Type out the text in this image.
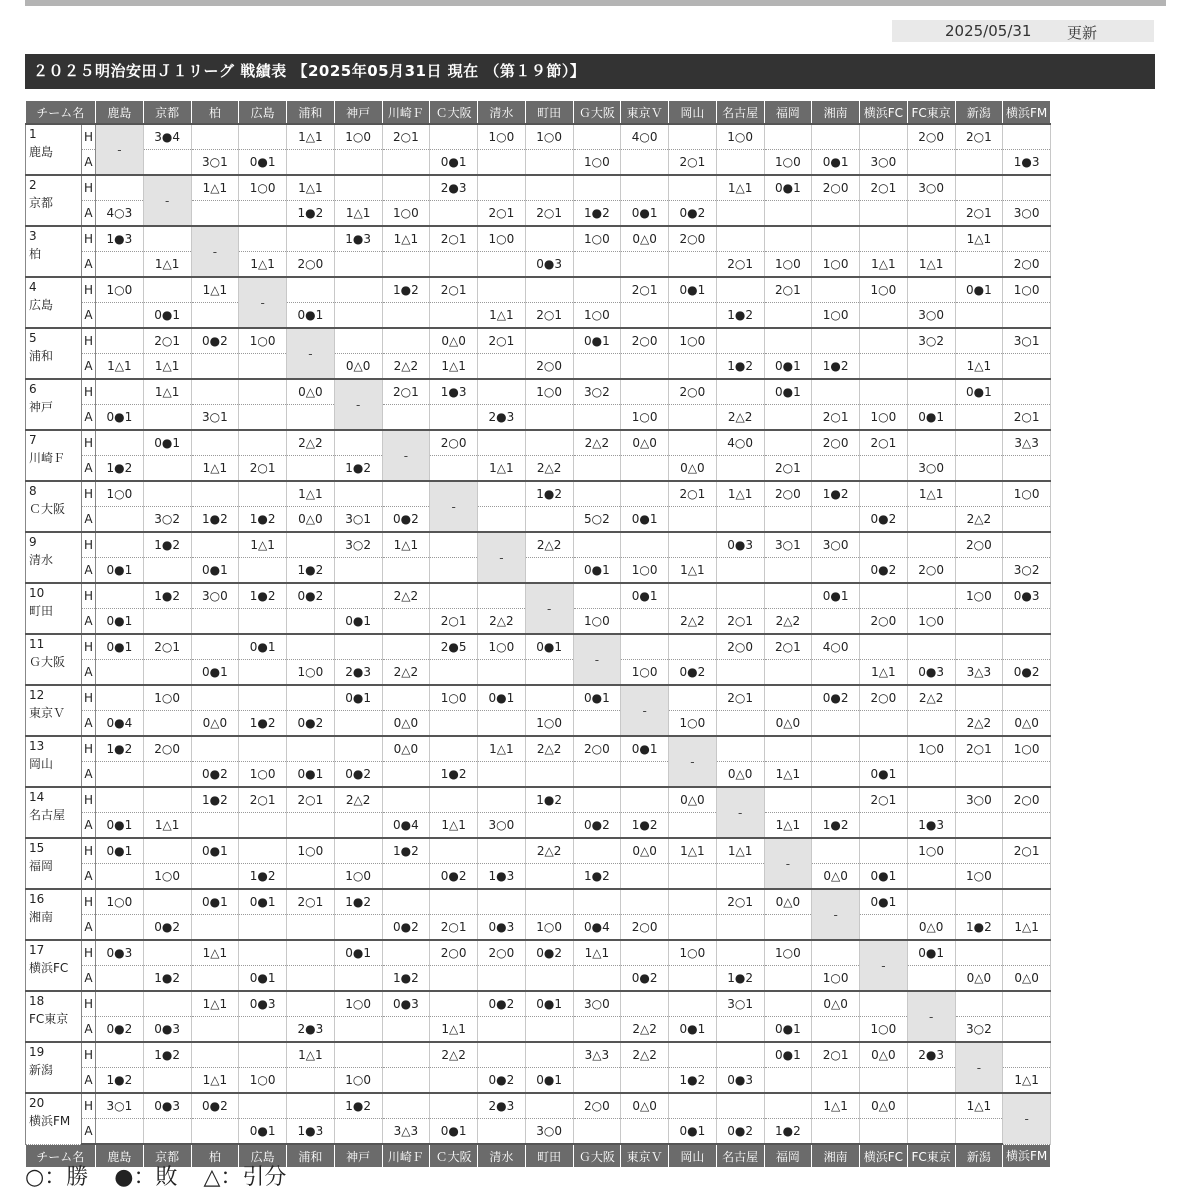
2025/05/31 更新
２０２５明治安田Ｊ１リーグ 戦績表 【2025年05月31日 現在 （第１９節）】
チーム名		鹿島	京都	柏	広島	浦和	神戸	川崎Ｆ	Ｃ大阪	清水	町田	Ｇ大阪	東京Ｖ	岡山	名古屋	福岡	湘南	横浜FC	FC東京	新潟	横浜FM

1
鹿島	H	-	3●4			1△1	1○0	2○1		1○0	1○0		4○0		1○0				2○0	2○1	
	A			3○1	0●1				0●1			1○0		2○1		1○0	0●1	3○0			1●3

2
京都	H		-	1△1	1○0	1△1			2●3						1△1	0●1	2○0	2○1	3○0		
	A	4○3				1●2	1△1	1○0		2○1	2○1	1●2	0●1	0●2						2○1	3○0

3
柏	H	1●3		-			1●3	1△1	2○1	1○0		1○0	0△0	2○0						1△1	
	A		1△1		1△1	2○0					0●3				2○1	1○0	1○0	1△1	1△1		2○0

4
広島	H	1○0		1△1	-			1●2	2○1				2○1	0●1		2○1		1○0		0●1	1○0
	A		0●1			0●1				1△1	2○1	1○0			1●2		1○0		3○0		

5
浦和	H		2○1	0●2	1○0	-			0△0	2○1		0●1	2○0	1○0					3○2		3○1
	A	1△1	1△1				0△0	2△2	1△1		2○0				1●2	0●1	1●2			1△1	

6
神戸	H		1△1			0△0	-	2○1	1●3		1○0	3○2		2○0		0●1				0●1	
	A	0●1		3○1						2●3			1○0		2△2		2○1	1○0	0●1		2○1

7
川崎Ｆ	H		0●1			2△2		-	2○0			2△2	0△0		4○0		2○0	2○1			3△3
	A	1●2		1△1	2○1		1●2			1△1	2△2			0△0		2○1			3○0		

8
Ｃ大阪	H	1○0				1△1			-		1●2			2○1	1△1	2○0	1●2		1△1		1○0
	A		3○2	1●2	1●2	0△0	3○1	0●2				5○2	0●1					0●2		2△2	

9
清水	H		1●2		1△1		3○2	1△1		-	2△2				0●3	3○1	3○0			2○0	
	A	0●1		0●1		1●2						0●1	1○0	1△1				0●2	2○0		3○2

10
町田	H		1●2	3○0	1●2	0●2		2△2			-		0●1				0●1			1○0	0●3
	A	0●1					0●1		2○1	2△2		1○0		2△2	2○1	2△2		2○0	1○0		

11
Ｇ大阪	H	0●1	2○1		0●1				2●5	1○0	0●1	-			2○0	2○1	4○0				
	A			0●1		1○0	2●3	2△2					1○0	0●2				1△1	0●3	3△3	0●2

12
東京Ｖ	H		1○0				0●1		1○0	0●1		0●1	-		2○1		0●2	2○0	2△2		
	A	0●4		0△0	1●2	0●2		0△0			1○0			1○0		0△0				2△2	0△0

13
岡山	H	1●2	2○0					0△0		1△1	2△2	2○0	0●1	-					1○0	2○1	1○0
	A			0●2	1○0	0●1	0●2		1●2						0△0	1△1		0●1			

14
名古屋	H			1●2	2○1	2○1	2△2				1●2			0△0	-			2○1		3○0	2○0
	A	0●1	1△1					0●4	1△1	3○0		0●2	1●2			1△1	1●2		1●3		

15
福岡	H	0●1		0●1		1○0		1●2			2△2		0△0	1△1	1△1	-			1○0		2○1
	A		1○0		1●2		1○0		0●2	1●3		1●2					0△0	0●1		1○0	

16
湘南	H	1○0		0●1	0●1	2○1	1●2								2○1	0△0	-	0●1			
	A		0●2					0●2	2○1	0●3	1○0	0●4	2○0						0△0	1●2	1△1

17
横浜FC	H	0●3		1△1			0●1		2○0	2○0	0●2	1△1		1○0		1○0		-	0●1		
	A		1●2		0●1			1●2					0●2		1●2		1○0			0△0	0△0

18
FC東京	H			1△1	0●3		1○0	0●3		0●2	0●1	3○0			3○1		0△0		-		
	A	0●2	0●3			2●3			1△1				2△2	0●1		0●1		1○0		3○2	

19
新潟	H		1●2			1△1			2△2			3△3	2△2			0●1	2○1	0△0	2●3	-	
	A	1●2		1△1	1○0		1○0			0●2	0●1			1●2	0●3						1△1

20
横浜FM	H	3○1	0●3	0●2			1●2			2●3		2○0	0△0				1△1	0△0		1△1	-
	A				0●1	1●3		3△3	0●1		3○0			0●1	0●2	1●2					
チーム名		鹿島	京都	柏	広島	浦和	神戸	川崎Ｆ	Ｃ大阪	清水	町田	Ｇ大阪	東京Ｖ	岡山	名古屋	福岡	湘南	横浜FC	FC東京	新潟	横浜FM
○：勝 ●：敗 △：引分
